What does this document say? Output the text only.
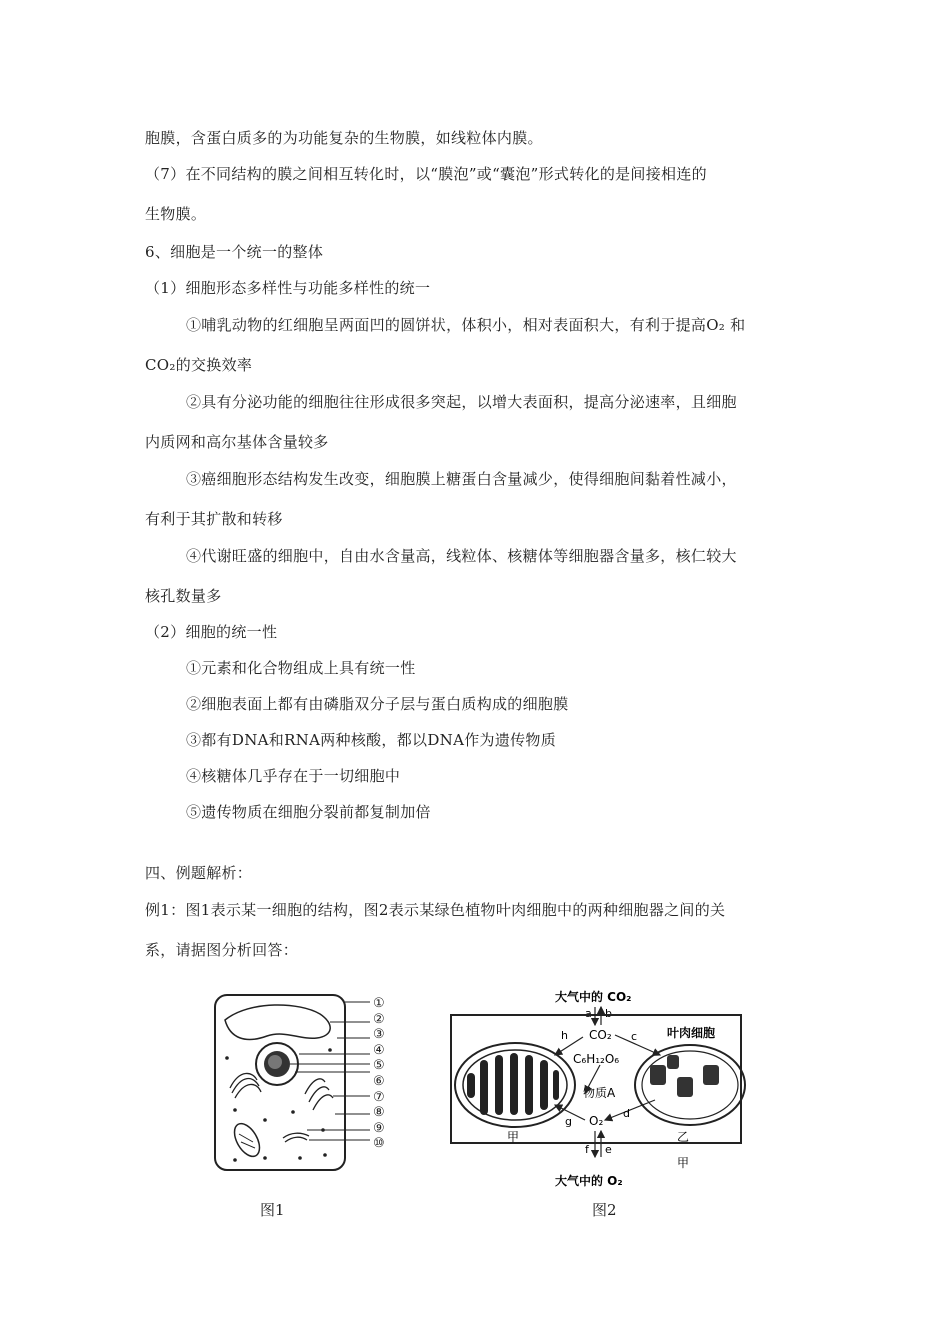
胞膜，含蛋白质多的为功能复杂的生物膜，如线粒体内膜。
（7）在不同结构的膜之间相互转化时，以“膜泡”或“囊泡”形式转化的是间接相连的
生物膜。
6、细胞是一个统一的整体
（1）细胞形态多样性与功能多样性的统一
①哺乳动物的红细胞呈两面凹的圆饼状，体积小，相对表面积大，有利于提高O₂ 和
CO₂的交换效率
②具有分泌功能的细胞往往形成很多突起，以增大表面积，提高分泌速率，且细胞
内质网和高尔基体含量较多
③癌细胞形态结构发生改变，细胞膜上糖蛋白含量减少，使得细胞间黏着性减小，
有利于其扩散和转移
④代谢旺盛的细胞中，自由水含量高，线粒体、核糖体等细胞器含量多，核仁较大
核孔数量多
（2）细胞的统一性
①元素和化合物组成上具有统一性
②细胞表面上都有由磷脂双分子层与蛋白质构成的细胞膜
③都有DNA和RNA两种核酸，都以DNA作为遗传物质
④核糖体几乎存在于一切细胞中
⑤遗传物质在细胞分裂前都复制加倍
四、例题解析：
例1：图1表示某一细胞的结构，图2表示某绿色植物叶肉细胞中的两种细胞器之间的关
系，请据图分析回答：
①
②
③
④
⑤
⑥
⑦
⑧
⑨
⑩
图1
大气中的 CO₂
a b
CO₂
h	叶肉细胞
C₆H₁₂O₆
物质A
c
d
O₂
g
f e
甲	乙
甲
大气中的 O₂
图2
